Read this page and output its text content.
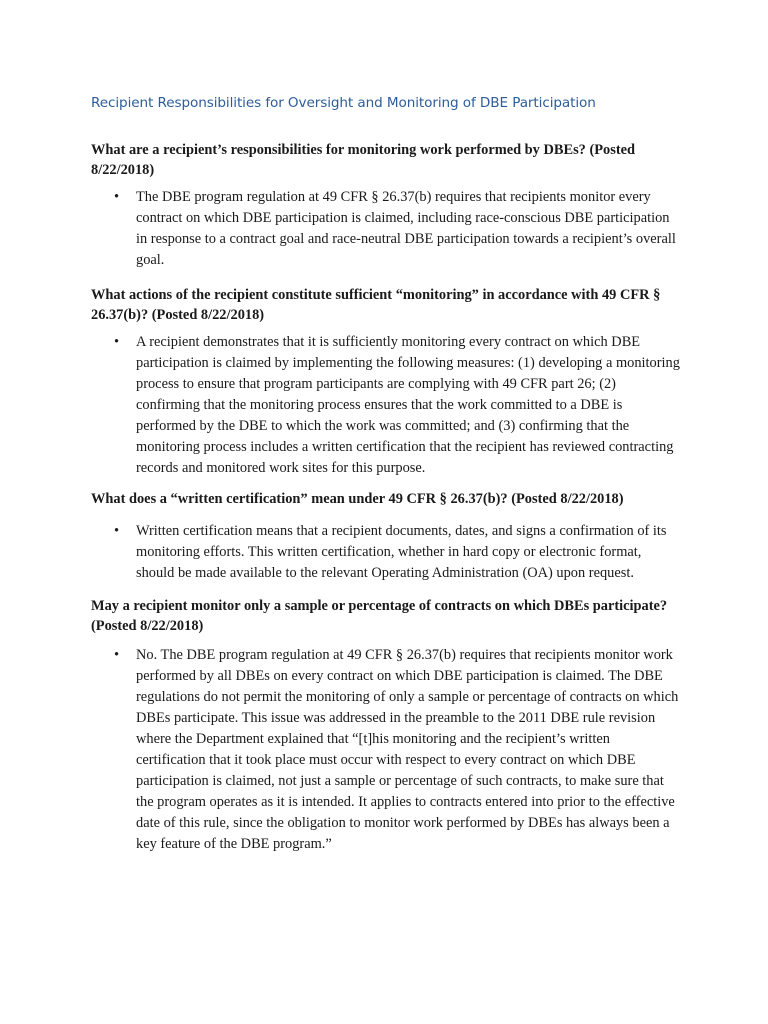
Recipient Responsibilities for Oversight and Monitoring of DBE Participation

What are a recipient’s responsibilities for monitoring work performed by DBEs? (Posted 8/22/2018)

• The DBE program regulation at 49 CFR § 26.37(b) requires that recipients monitor every contract on which DBE participation is claimed, including race-conscious DBE participation in response to a contract goal and race-neutral DBE participation towards a recipient’s overall goal.

What actions of the recipient constitute sufficient “monitoring” in accordance with 49 CFR § 26.37(b)? (Posted 8/22/2018)

• A recipient demonstrates that it is sufficiently monitoring every contract on which DBE participation is claimed by implementing the following measures: (1) developing a monitoring process to ensure that program participants are complying with 49 CFR part 26; (2) confirming that the monitoring process ensures that the work committed to a DBE is performed by the DBE to which the work was committed; and (3) confirming that the monitoring process includes a written certification that the recipient has reviewed contracting records and monitored work sites for this purpose.

What does a “written certification” mean under 49 CFR § 26.37(b)? (Posted 8/22/2018)

• Written certification means that a recipient documents, dates, and signs a confirmation of its monitoring efforts. This written certification, whether in hard copy or electronic format, should be made available to the relevant Operating Administration (OA) upon request.

May a recipient monitor only a sample or percentage of contracts on which DBEs participate? (Posted 8/22/2018)

• No. The DBE program regulation at 49 CFR § 26.37(b) requires that recipients monitor work performed by all DBEs on every contract on which DBE participation is claimed. The DBE regulations do not permit the monitoring of only a sample or percentage of contracts on which DBEs participate. This issue was addressed in the preamble to the 2011 DBE rule revision where the Department explained that “[t]his monitoring and the recipient’s written certification that it took place must occur with respect to every contract on which DBE participation is claimed, not just a sample or percentage of such contracts, to make sure that the program operates as it is intended. It applies to contracts entered into prior to the effective date of this rule, since the obligation to monitor work performed by DBEs has always been a key feature of the DBE program.”
